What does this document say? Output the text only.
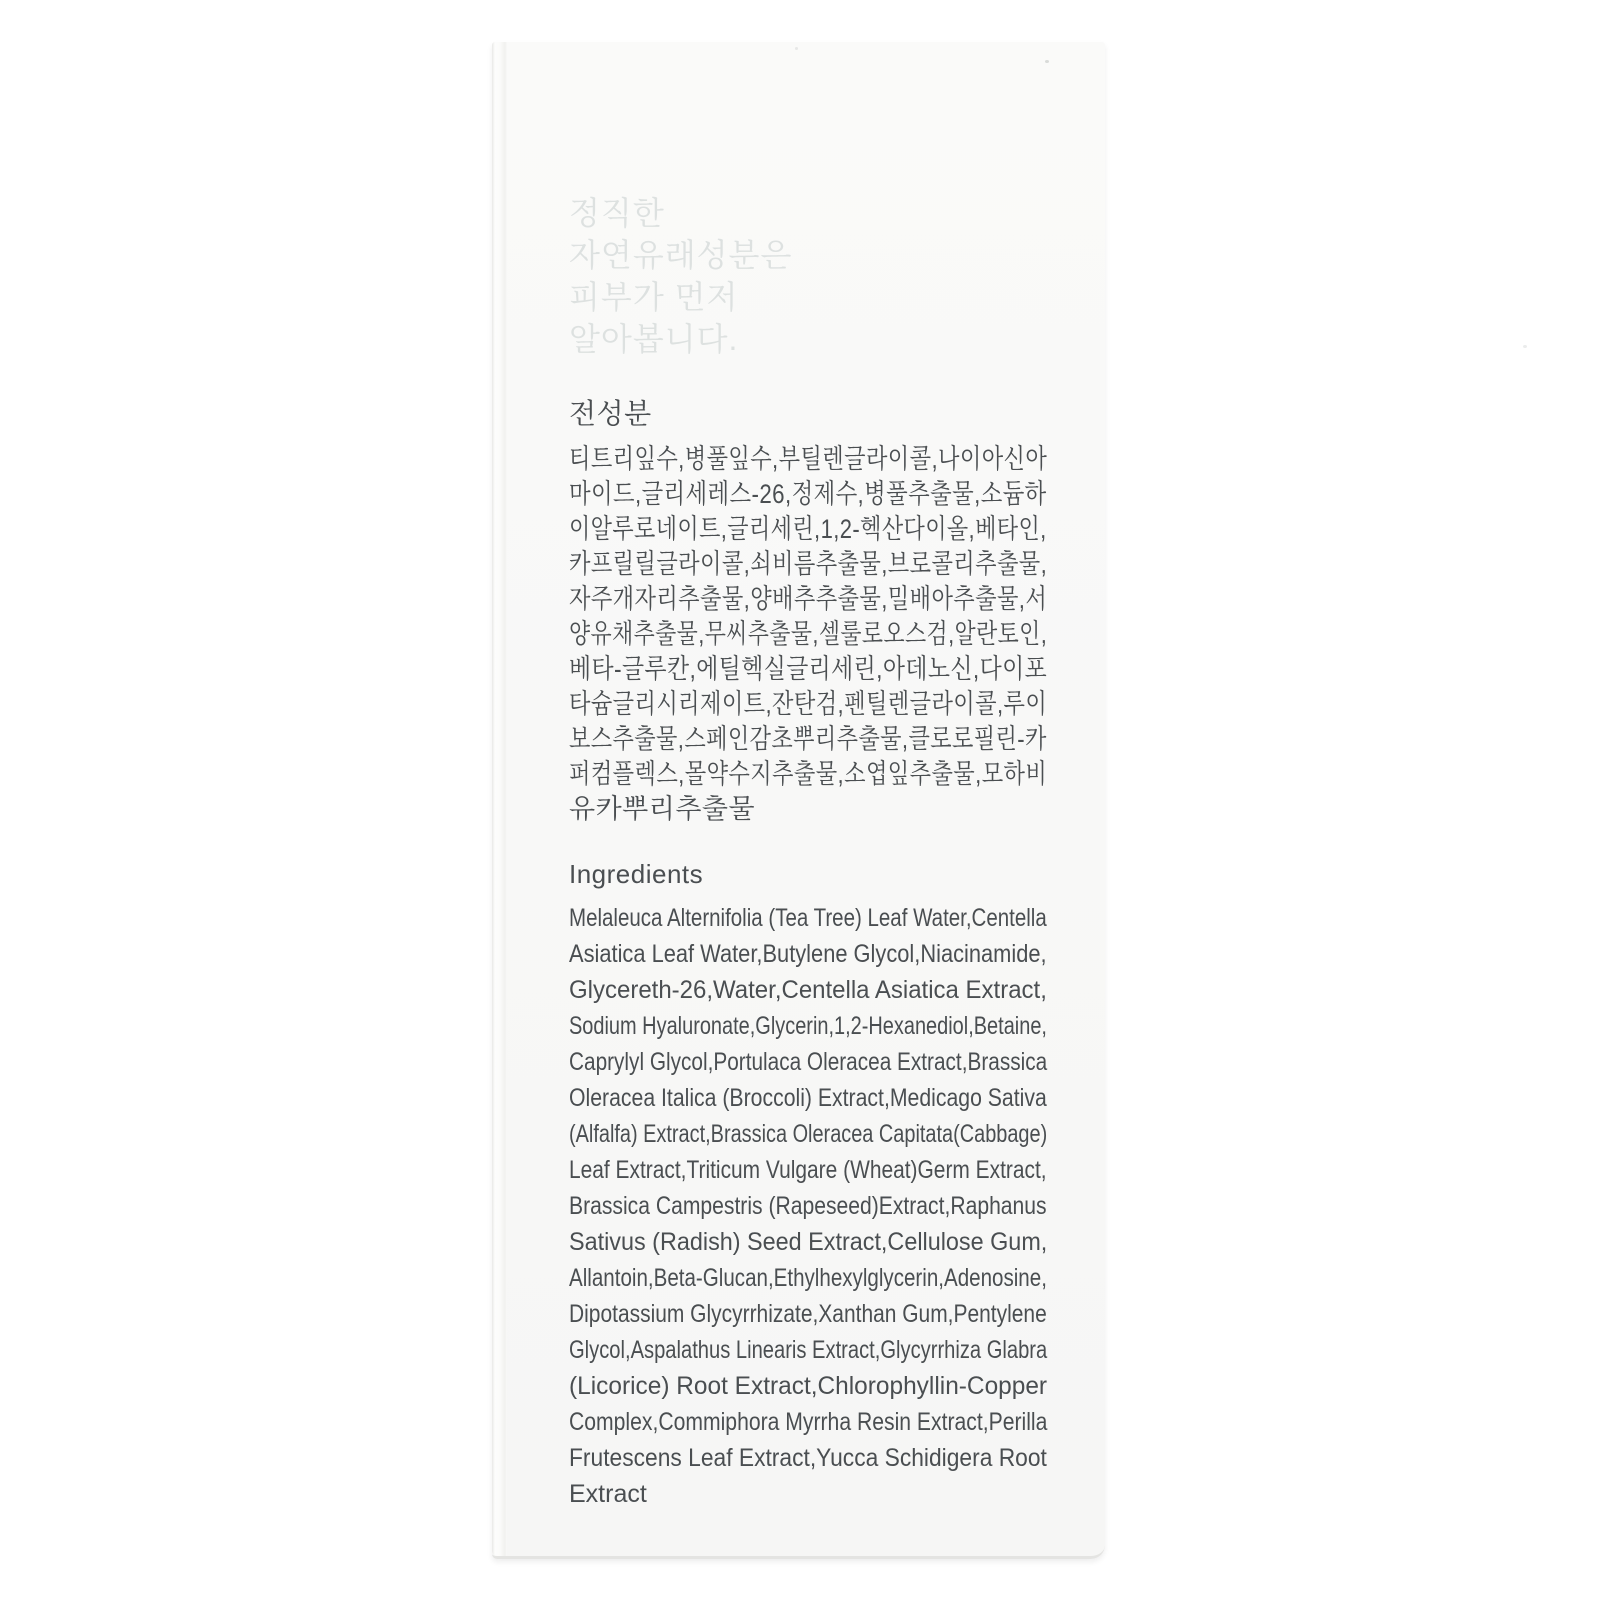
정직한
자연유래성분은
피부가 먼저
알아봅니다.
전성분
티트리잎수,병풀잎수,부틸렌글라이콜,나이아신아
마이드,글리세레스-26,정제수,병풀추출물,소듐하
이알루로네이트,글리세린,1,2-헥산다이올,베타인,
카프릴릴글라이콜,쇠비름추출물,브로콜리추출물,
자주개자리추출물,양배추추출물,밀배아추출물,서
양유채추출물,무씨추출물,셀룰로오스검,알란토인,
베타-글루칸,에틸헥실글리세린,아데노신,다이포
타슘글리시리제이트,잔탄검,펜틸렌글라이콜,루이
보스추출물,스페인감초뿌리추출물,클로로필린-카
퍼컴플렉스,몰약수지추출물,소엽잎추출물,모하비
유카뿌리추출물
Ingredients
Melaleuca Alternifolia (Tea Tree) Leaf Water,Centella
Asiatica Leaf Water,Butylene Glycol,Niacinamide,
Glycereth-26,Water,Centella Asiatica Extract,
Sodium Hyaluronate,Glycerin,1,2-Hexanediol,Betaine,
Caprylyl Glycol,Portulaca Oleracea Extract,Brassica
Oleracea Italica (Broccoli) Extract,Medicago Sativa
(Alfalfa) Extract,Brassica Oleracea Capitata(Cabbage)
Leaf Extract,Triticum Vulgare (Wheat)Germ Extract,
Brassica Campestris (Rapeseed)Extract,Raphanus
Sativus (Radish) Seed Extract,Cellulose Gum,
Allantoin,Beta-Glucan,Ethylhexylglycerin,Adenosine,
Dipotassium Glycyrrhizate,Xanthan Gum,Pentylene
Glycol,Aspalathus Linearis Extract,Glycyrrhiza Glabra
(Licorice) Root Extract,Chlorophyllin-Copper
Complex,Commiphora Myrrha Resin Extract,Perilla
Frutescens Leaf Extract,Yucca Schidigera Root
Extract
